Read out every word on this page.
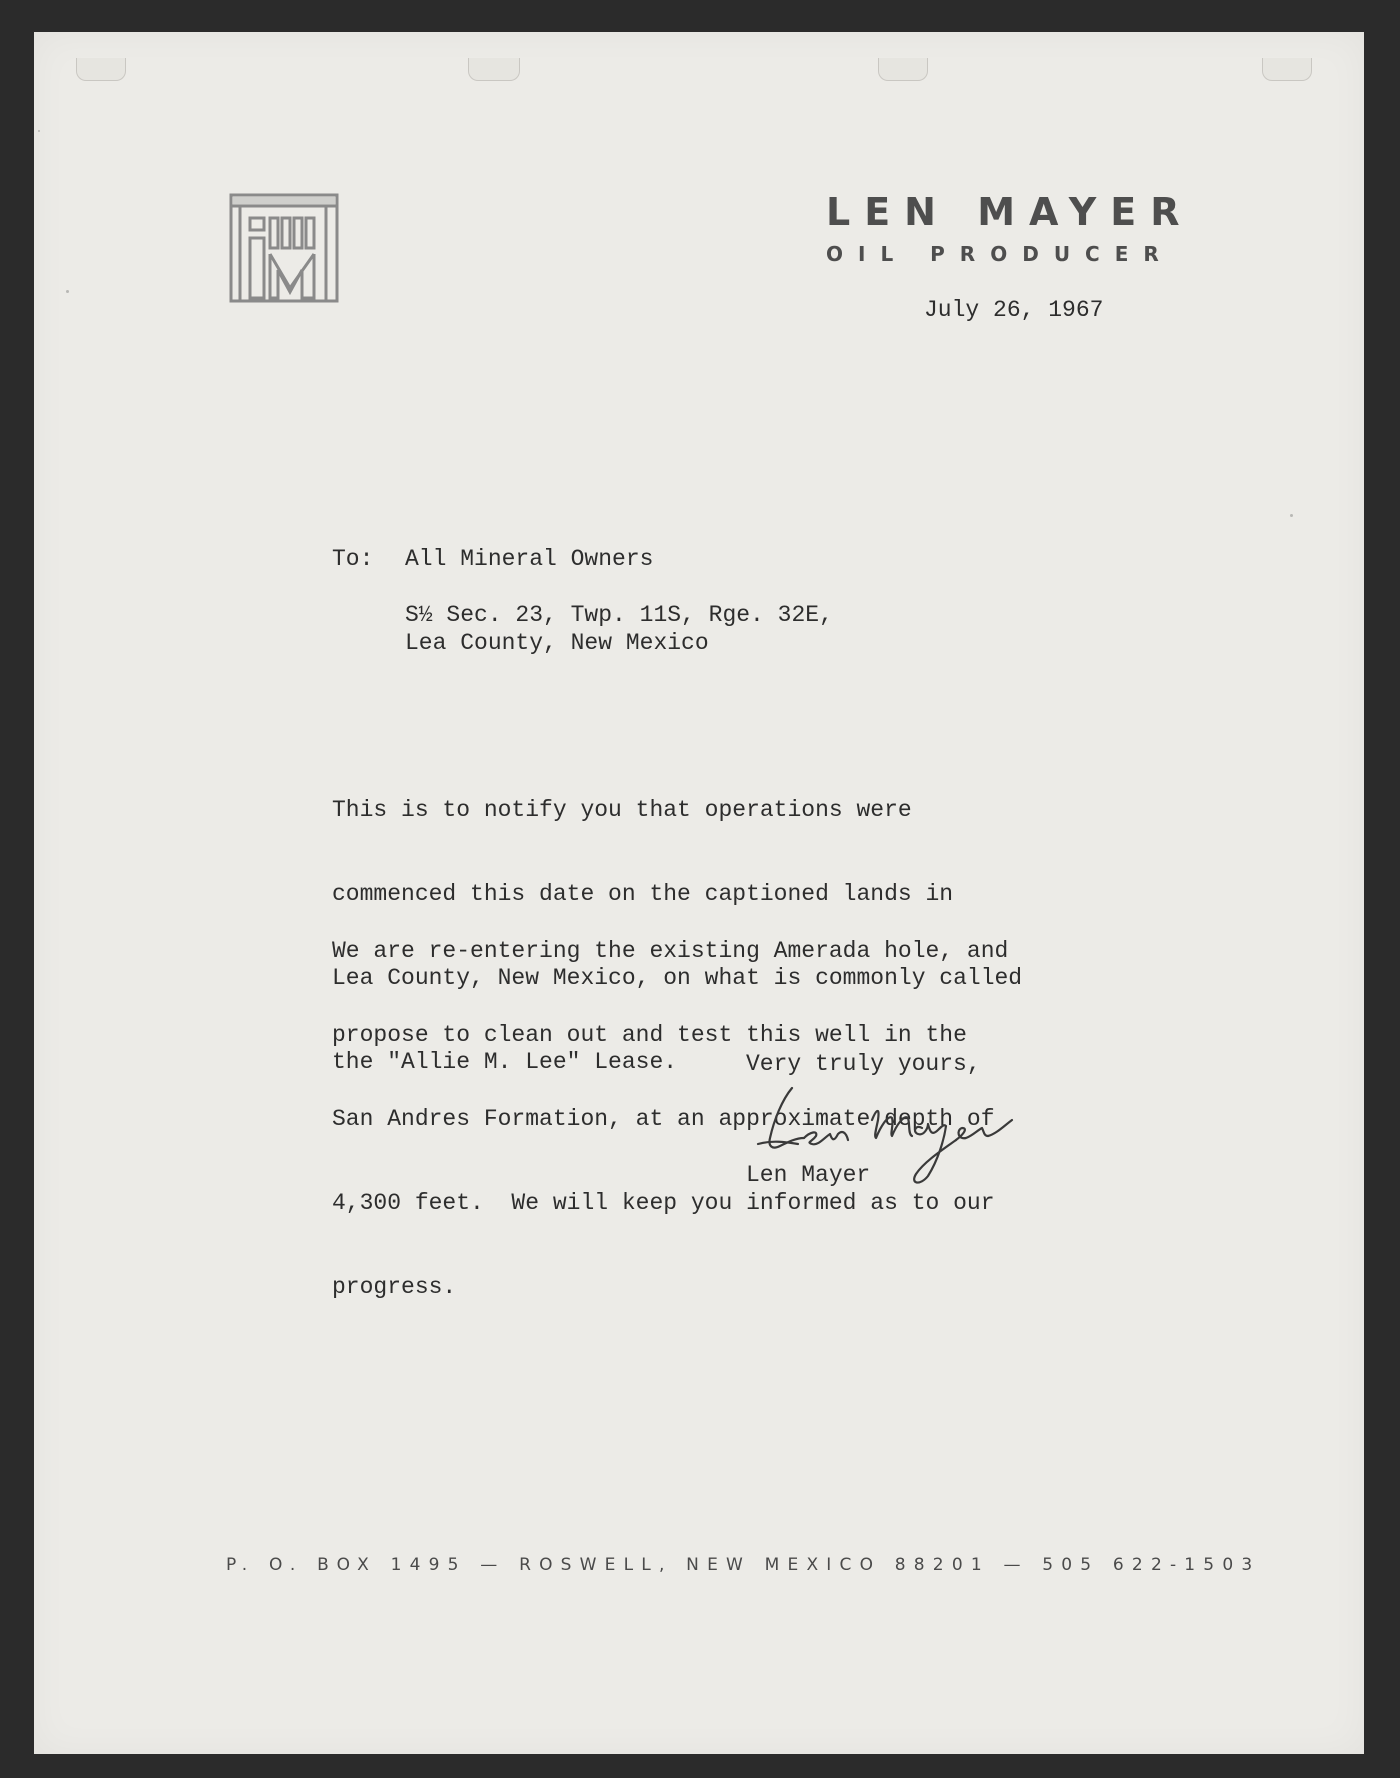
LEN MAYER
OIL PRODUCER
July 26, 1967
To: All Mineral Owners
S½ Sec. 23, Twp. 11S, Rge. 32E,
Lea County, New Mexico

This is to notify you that operations were

commenced this date on the captioned lands in

Lea County, New Mexico, on what is commonly called

the "Allie M. Lee" Lease.

We are re-entering the existing Amerada hole, and

propose to clean out and test this well in the

San Andres Formation, at an approximate depth of

4,300 feet.  We will keep you informed as to our

progress.

Very truly yours,
Len Mayer
Len Mayer
P. O. BOX 1495 — ROSWELL, NEW MEXICO 88201 — 505 622-1503
